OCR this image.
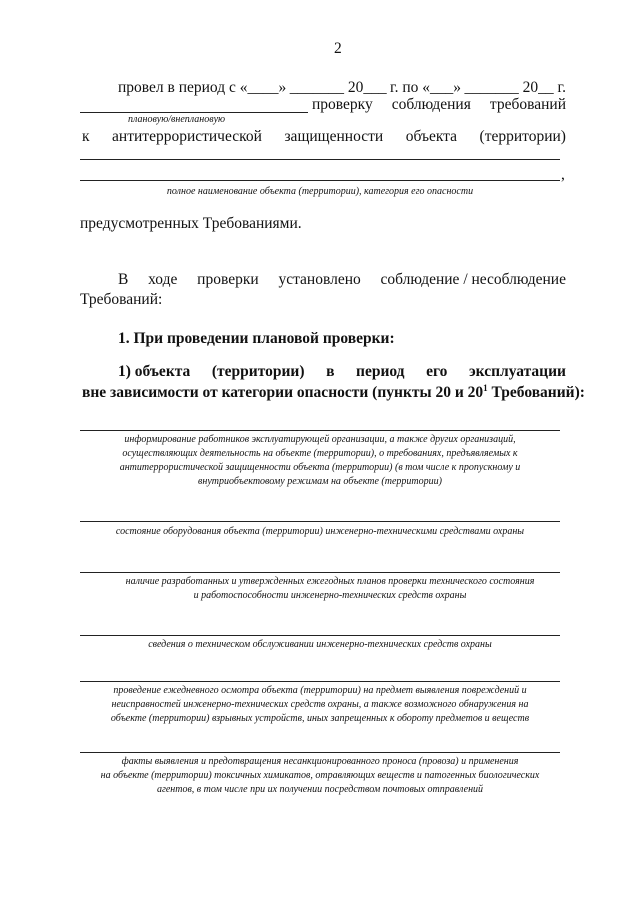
2
провел в период с «____» _______ 20___ г. по «___» _______ 20__ г.
проверку соблюдения требований
плановую/внеплановую
к антитеррористической защищенности объекта (территории)
,
полное наименование объекта (территории), категория его опасности
предусмотренных Требованиями.
В ходе проверки установлено соблюдение / несоблюдение
Требований:
1. При проведении плановой проверки:
1) объекта (территории) в период его эксплуатации
вне зависимости от категории опасности (пункты 20 и $20^1$ Требований):
информирование работников эксплуатирующей организации, а также других организаций,
осуществляющих деятельность на объекте (территории), о требованиях, предъявляемых к
антитеррористической защищенности объекта (территории) (в том числе к пропускному и
внутриобъектовому режимам на объекте (территории)
состояние оборудования объекта (территории) инженерно-техническими средствами охраны
наличие разработанных и утвержденных ежегодных планов проверки технического состояния
и работоспособности инженерно-технических средств охраны
сведения о техническом обслуживании инженерно-технических средств охраны
проведение ежедневного осмотра объекта (территории) на предмет выявления повреждений и
неисправностей инженерно-технических средств охраны, а также возможного обнаружения на
объекте (территории) взрывных устройств, иных запрещенных к обороту предметов и веществ
факты выявления и предотвращения несанкционированного проноса (провоза) и применения
на объекте (территории) токсичных химикатов, отравляющих веществ и патогенных биологических
агентов, в том числе при их получении посредством почтовых отправлений
